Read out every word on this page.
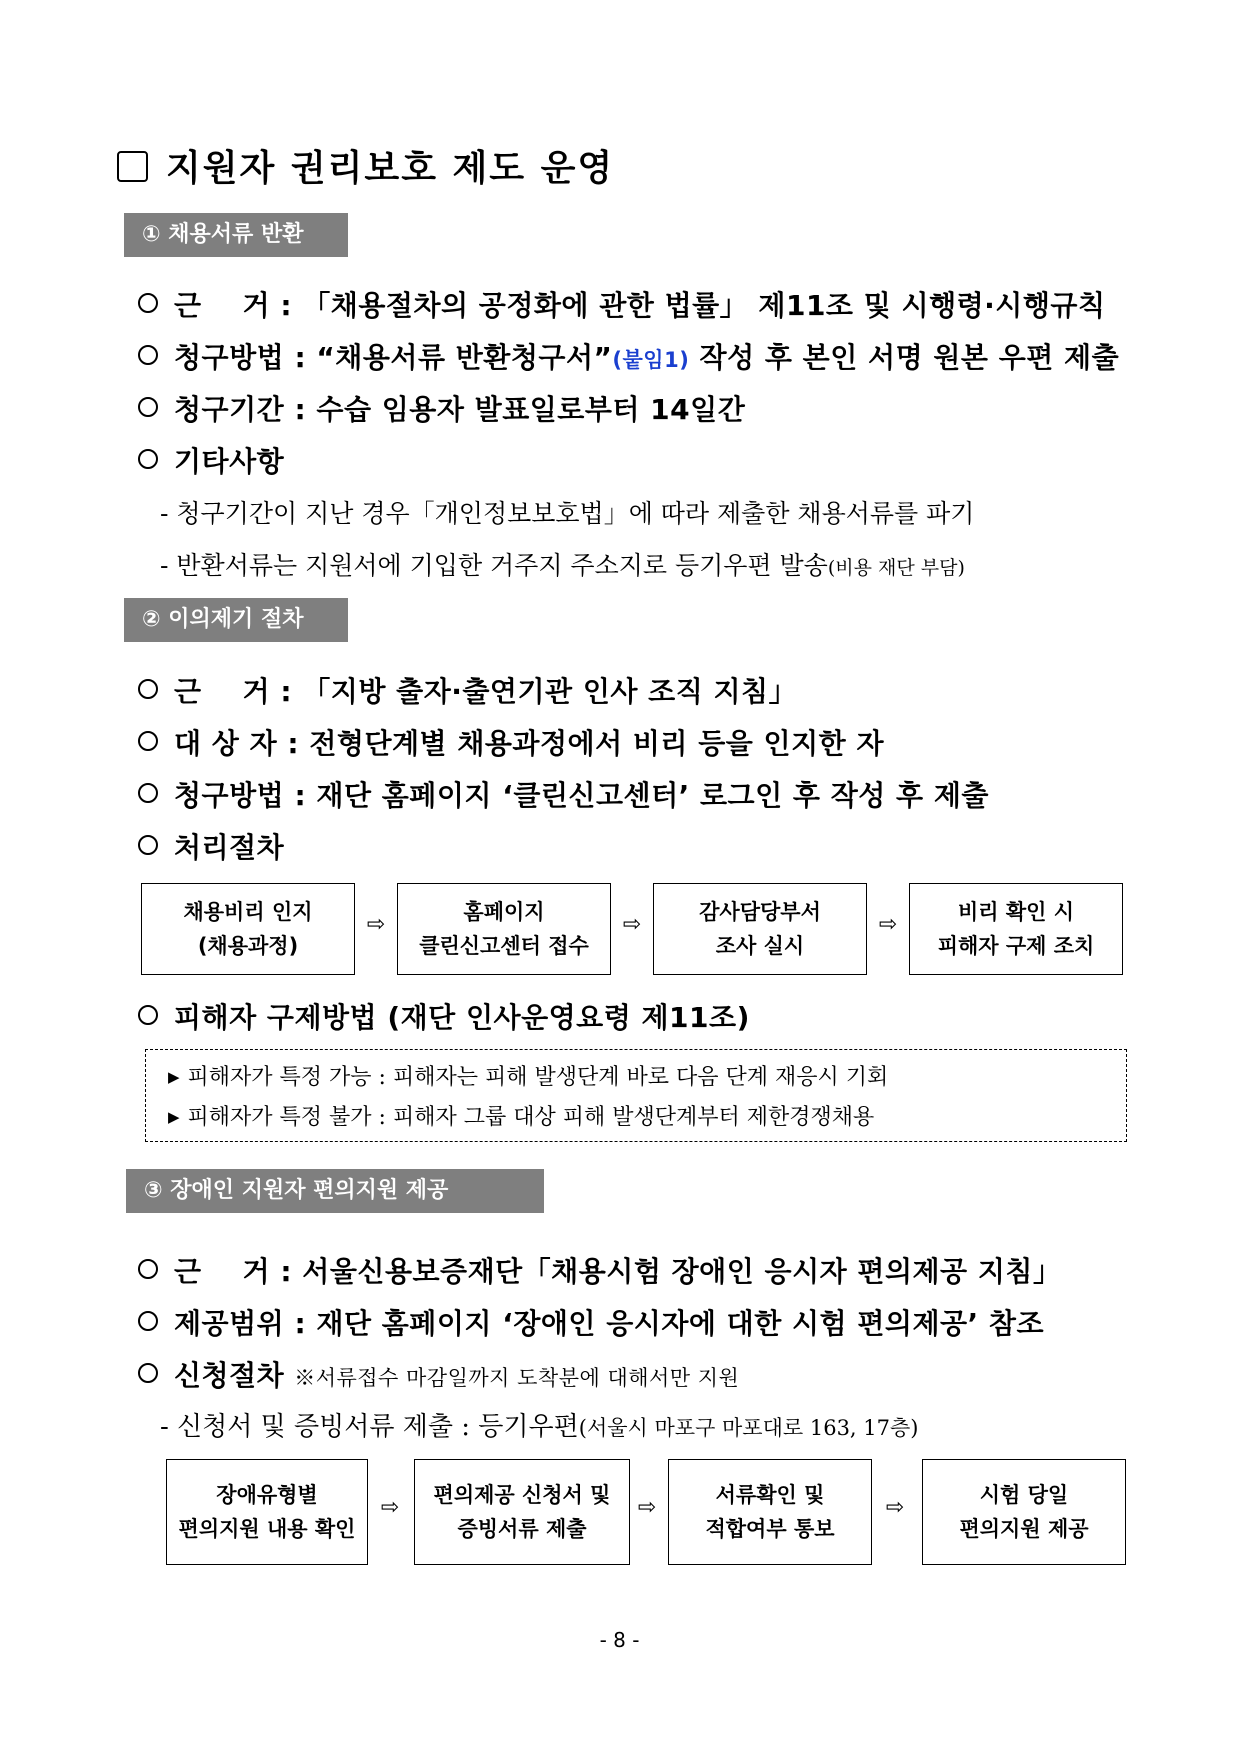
지원자 권리보호 제도 운영
① 채용서류 반환
근    거 : 「채용절차의 공정화에 관한 법률」 제11조 및 시행령·시행규칙
청구방법 : “채용서류 반환청구서”(붙임1) 작성 후 본인 서명 원본 우편 제출
청구기간 : 수습 임용자 발표일로부터 14일간
기타사항
- 청구기간이 지난 경우「개인정보보호법」에 따라 제출한 채용서류를 파기
- 반환서류는 지원서에 기입한 거주지 주소지로 등기우편 발송(비용 재단 부담)
② 이의제기 절차
근    거 : 「지방 출자·출연기관 인사 조직 지침」
대 상 자 : 전형단계별 채용과정에서 비리 등을 인지한 자
청구방법 : 재단 홈페이지 ‘클린신고센터’ 로그인 후 작성 후 제출
처리절차
채용비리 인지
(채용과정)
⇨	홈페이지
클린신고센터 접수
⇨	감사담당부서
조사 실시
⇨	비리 확인 시
피해자 구제 조치
피해자 구제방법 (재단 인사운영요령 제11조)
▶ 피해자가 특정 가능 : 피해자는 피해 발생단계 바로 다음 단계 재응시 기회
▶ 피해자가 특정 불가 : 피해자 그룹 대상 피해 발생단계부터 제한경쟁채용
③ 장애인 지원자 편의지원 제공
근    거 : 서울신용보증재단「채용시험 장애인 응시자 편의제공 지침」
제공범위 : 재단 홈페이지 ‘장애인 응시자에 대한 시험 편의제공’ 참조
신청절차 ※서류접수 마감일까지 도착분에 대해서만 지원
- 신청서 및 증빙서류 제출 : 등기우편(서울시 마포구 마포대로 163, 17층)
장애유형별
편의지원 내용 확인
⇨	편의제공 신청서 및
증빙서류 제출
⇨	서류확인 및
적합여부 통보
⇨	시험 당일
편의지원 제공
- 8 -
